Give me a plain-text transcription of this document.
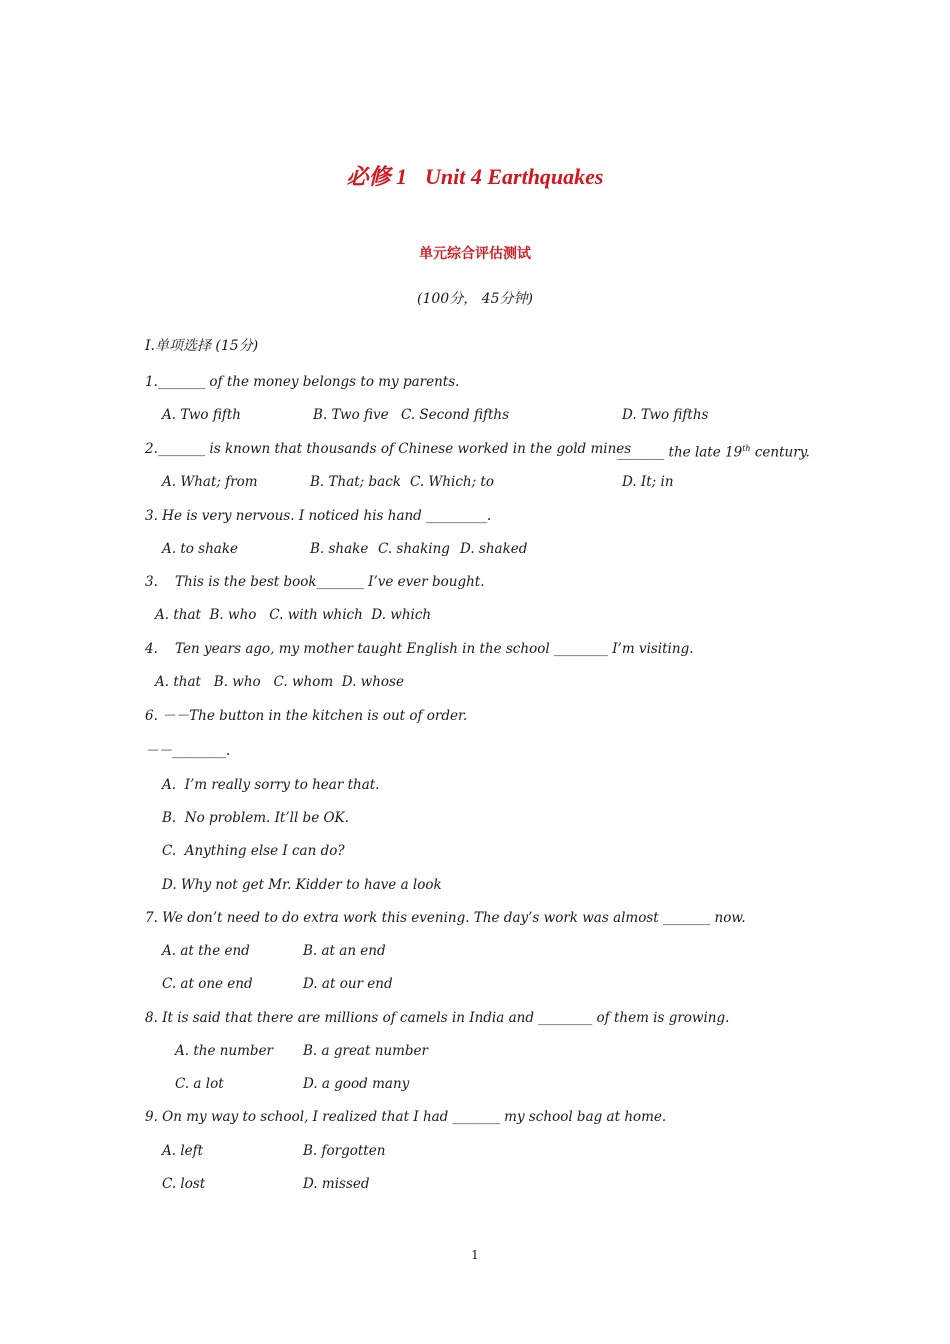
必修 1 Unit 4 Earthquakes
单元综合评估测试
(100分， 45分钟)
I.单项选择 (15分)
1._______ of the money belongs to my parents.
A. Two fifth	B. Two five C. Second fifths	D. Two fifths
2._______ is known that thousands of Chinese worked in the gold mines
_______ the late 19th century.
A. What; from	B. That; back C. Which; to	D. It; in
3. He is very nervous. I noticed his hand _________.
A. to shake	B. shake C. shaking D. shaked
3.    This is the best book_______ I’ve ever bought.
A. that  B. who   C. with which  D. which
4.    Ten years ago, my mother taught English in the school ________ I’m visiting.
A. that   B. who   C. whom  D. whose
6. －－The button in the kitchen is out of order.
－－________.
A.  I’m really sorry to hear that.
B.  No problem. It’ll be OK.
C.  Anything else I can do?
D. Why not get Mr. Kidder to have a look
7. We don’t need to do extra work this evening. The day’s work was almost _______ now.
A. at the end	B. at an end
C. at one end	D. at our end
8. It is said that there are millions of camels in India and ________ of them is growing.
A. the number B. a great number
C. a lot	D. a good many
9. On my way to school, I realized that I had _______ my school bag at home.
A. left	B. forgotten
C. lost	D. missed
1
